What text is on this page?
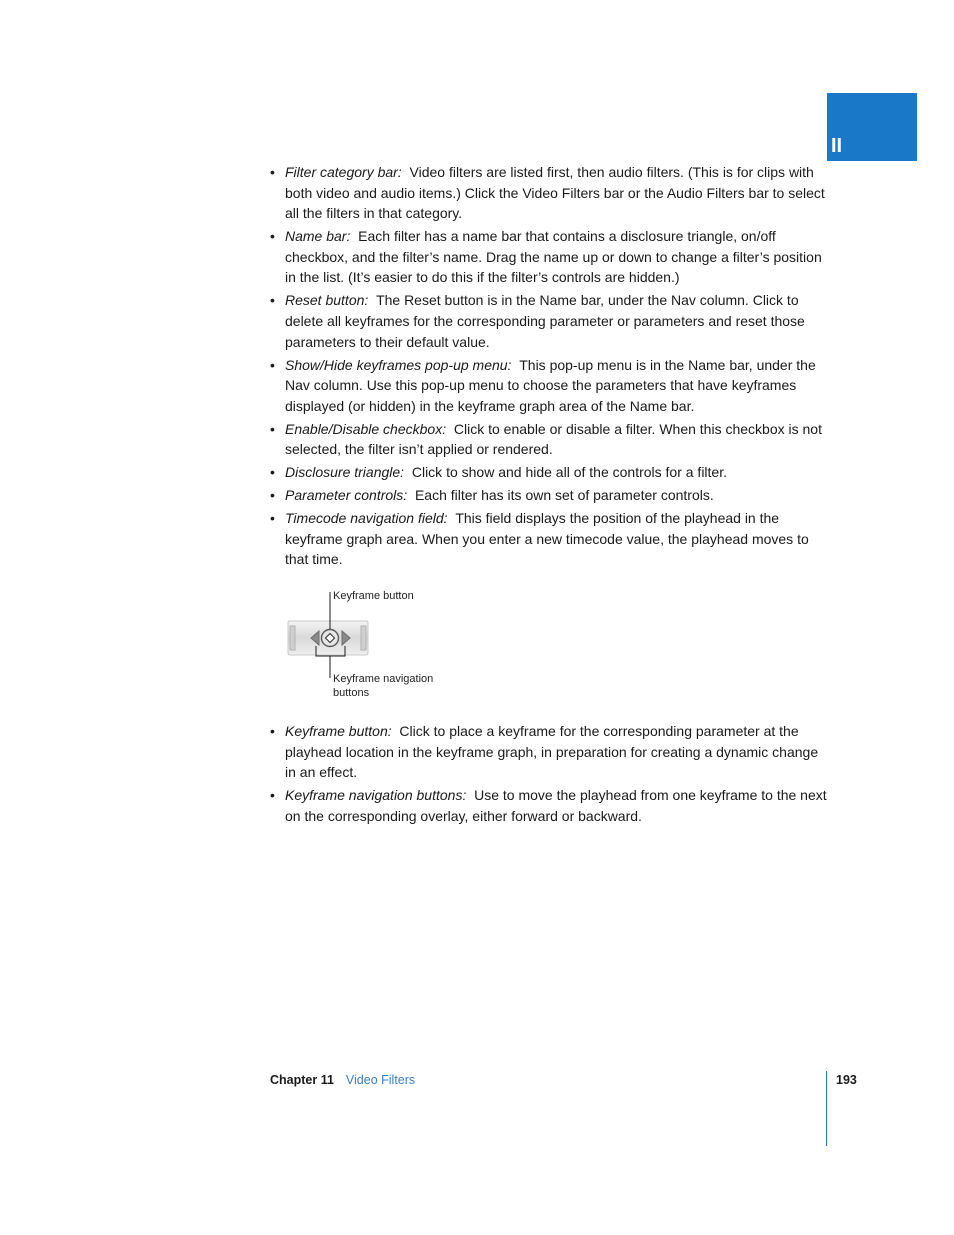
II
• Filter category bar: Video filters are listed first, then audio filters. (This is for clips with both video and audio items.) Click the Video Filters bar or the Audio Filters bar to select all the filters in that category.
• Name bar: Each filter has a name bar that contains a disclosure triangle, on/off checkbox, and the filter’s name. Drag the name up or down to change a filter’s position in the list. (It’s easier to do this if the filter’s controls are hidden.)
• Reset button: The Reset button is in the Name bar, under the Nav column. Click to delete all keyframes for the corresponding parameter or parameters and reset those parameters to their default value.
• Show/Hide keyframes pop-up menu: This pop-up menu is in the Name bar, under the Nav column. Use this pop-up menu to choose the parameters that have keyframes displayed (or hidden) in the keyframe graph area of the Name bar.
• Enable/Disable checkbox: Click to enable or disable a filter. When this checkbox is not selected, the filter isn’t applied or rendered.
• Disclosure triangle: Click to show and hide all of the controls for a filter.
• Parameter controls: Each filter has its own set of parameter controls.
• Timecode navigation field: This field displays the position of the playhead in the keyframe graph area. When you enter a new timecode value, the playhead moves to that time.
Keyframe button
Keyframe navigation buttons
• Keyframe button: Click to place a keyframe for the corresponding parameter at the playhead location in the keyframe graph, in preparation for creating a dynamic change in an effect.
• Keyframe navigation buttons: Use to move the playhead from one keyframe to the next on the corresponding overlay, either forward or backward.
Chapter 11 Video Filters	193
